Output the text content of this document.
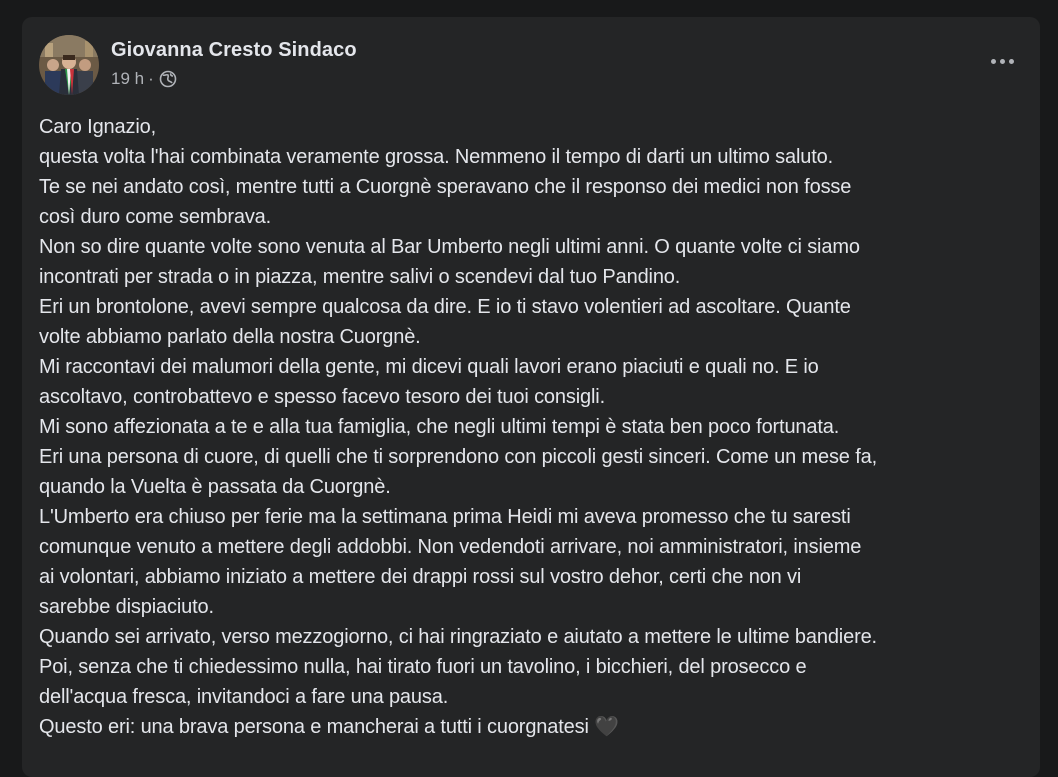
Giovanna Cresto Sindaco
19 h ·
Caro Ignazio,
questa volta l'hai combinata veramente grossa. Nemmeno il tempo di darti un ultimo saluto.
Te se nei andato così, mentre tutti a Cuorgnè speravano che il responso dei medici non fosse
così duro come sembrava.
Non so dire quante volte sono venuta al Bar Umberto negli ultimi anni. O quante volte ci siamo
incontrati per strada o in piazza, mentre salivi o scendevi dal tuo Pandino.
Eri un brontolone, avevi sempre qualcosa da dire. E io ti stavo volentieri ad ascoltare. Quante
volte abbiamo parlato della nostra Cuorgnè.
Mi raccontavi dei malumori della gente, mi dicevi quali lavori erano piaciuti e quali no. E io
ascoltavo, controbattevo e spesso facevo tesoro dei tuoi consigli.
Mi sono affezionata a te e alla tua famiglia, che negli ultimi tempi è stata ben poco fortunata.
Eri una persona di cuore, di quelli che ti sorprendono con piccoli gesti sinceri. Come un mese fa,
quando la Vuelta è passata da Cuorgnè.
L'Umberto era chiuso per ferie ma la settimana prima Heidi mi aveva promesso che tu saresti
comunque venuto a mettere degli addobbi. Non vedendoti arrivare, noi amministratori, insieme
ai volontari, abbiamo iniziato a mettere dei drappi rossi sul vostro dehor, certi che non vi
sarebbe dispiaciuto.
Quando sei arrivato, verso mezzogiorno, ci hai ringraziato e aiutato a mettere le ultime bandiere.
Poi, senza che ti chiedessimo nulla, hai tirato fuori un tavolino, i bicchieri, del prosecco e
dell'acqua fresca, invitandoci a fare una pausa.
Questo eri: una brava persona e mancherai a tutti i cuorgnatesi 🖤
